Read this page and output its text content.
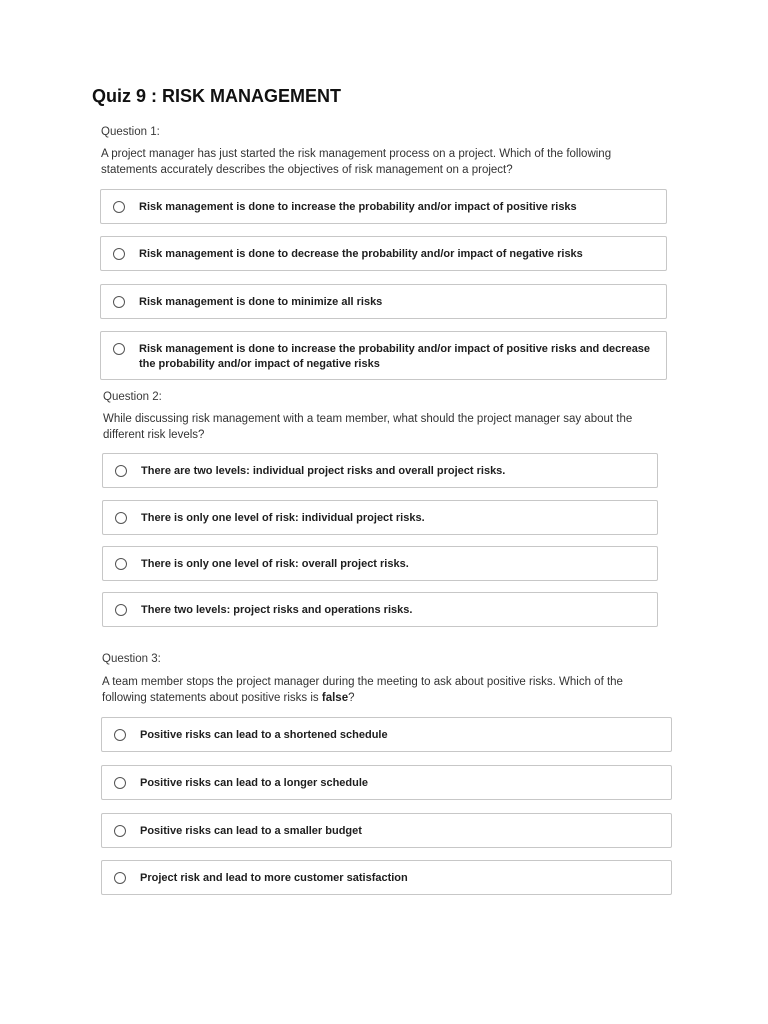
Quiz 9 : RISK MANAGEMENT
Question 1:

A project manager has just started the risk management process on a project. Which of the following statements accurately describes the objectives of risk management on a project?

Risk management is done to increase the probability and/or impact of positive risks
Risk management is done to decrease the probability and/or impact of negative risks
Risk management is done to minimize all risks
Risk management is done to increase the probability and/or impact of positive risks and decrease the probability and/or impact of negative risks
Question 2:

While discussing risk management with a team member, what should the project manager say about the different risk levels?

There are two levels: individual project risks and overall project risks.
There is only one level of risk: individual project risks.
There is only one level of risk: overall project risks.
There two levels: project risks and operations risks.
Question 3:

A team member stops the project manager during the meeting to ask about positive risks. Which of the following statements about positive risks is false?

Positive risks can lead to a shortened schedule
Positive risks can lead to a longer schedule
Positive risks can lead to a smaller budget
Project risk and lead to more customer satisfaction
